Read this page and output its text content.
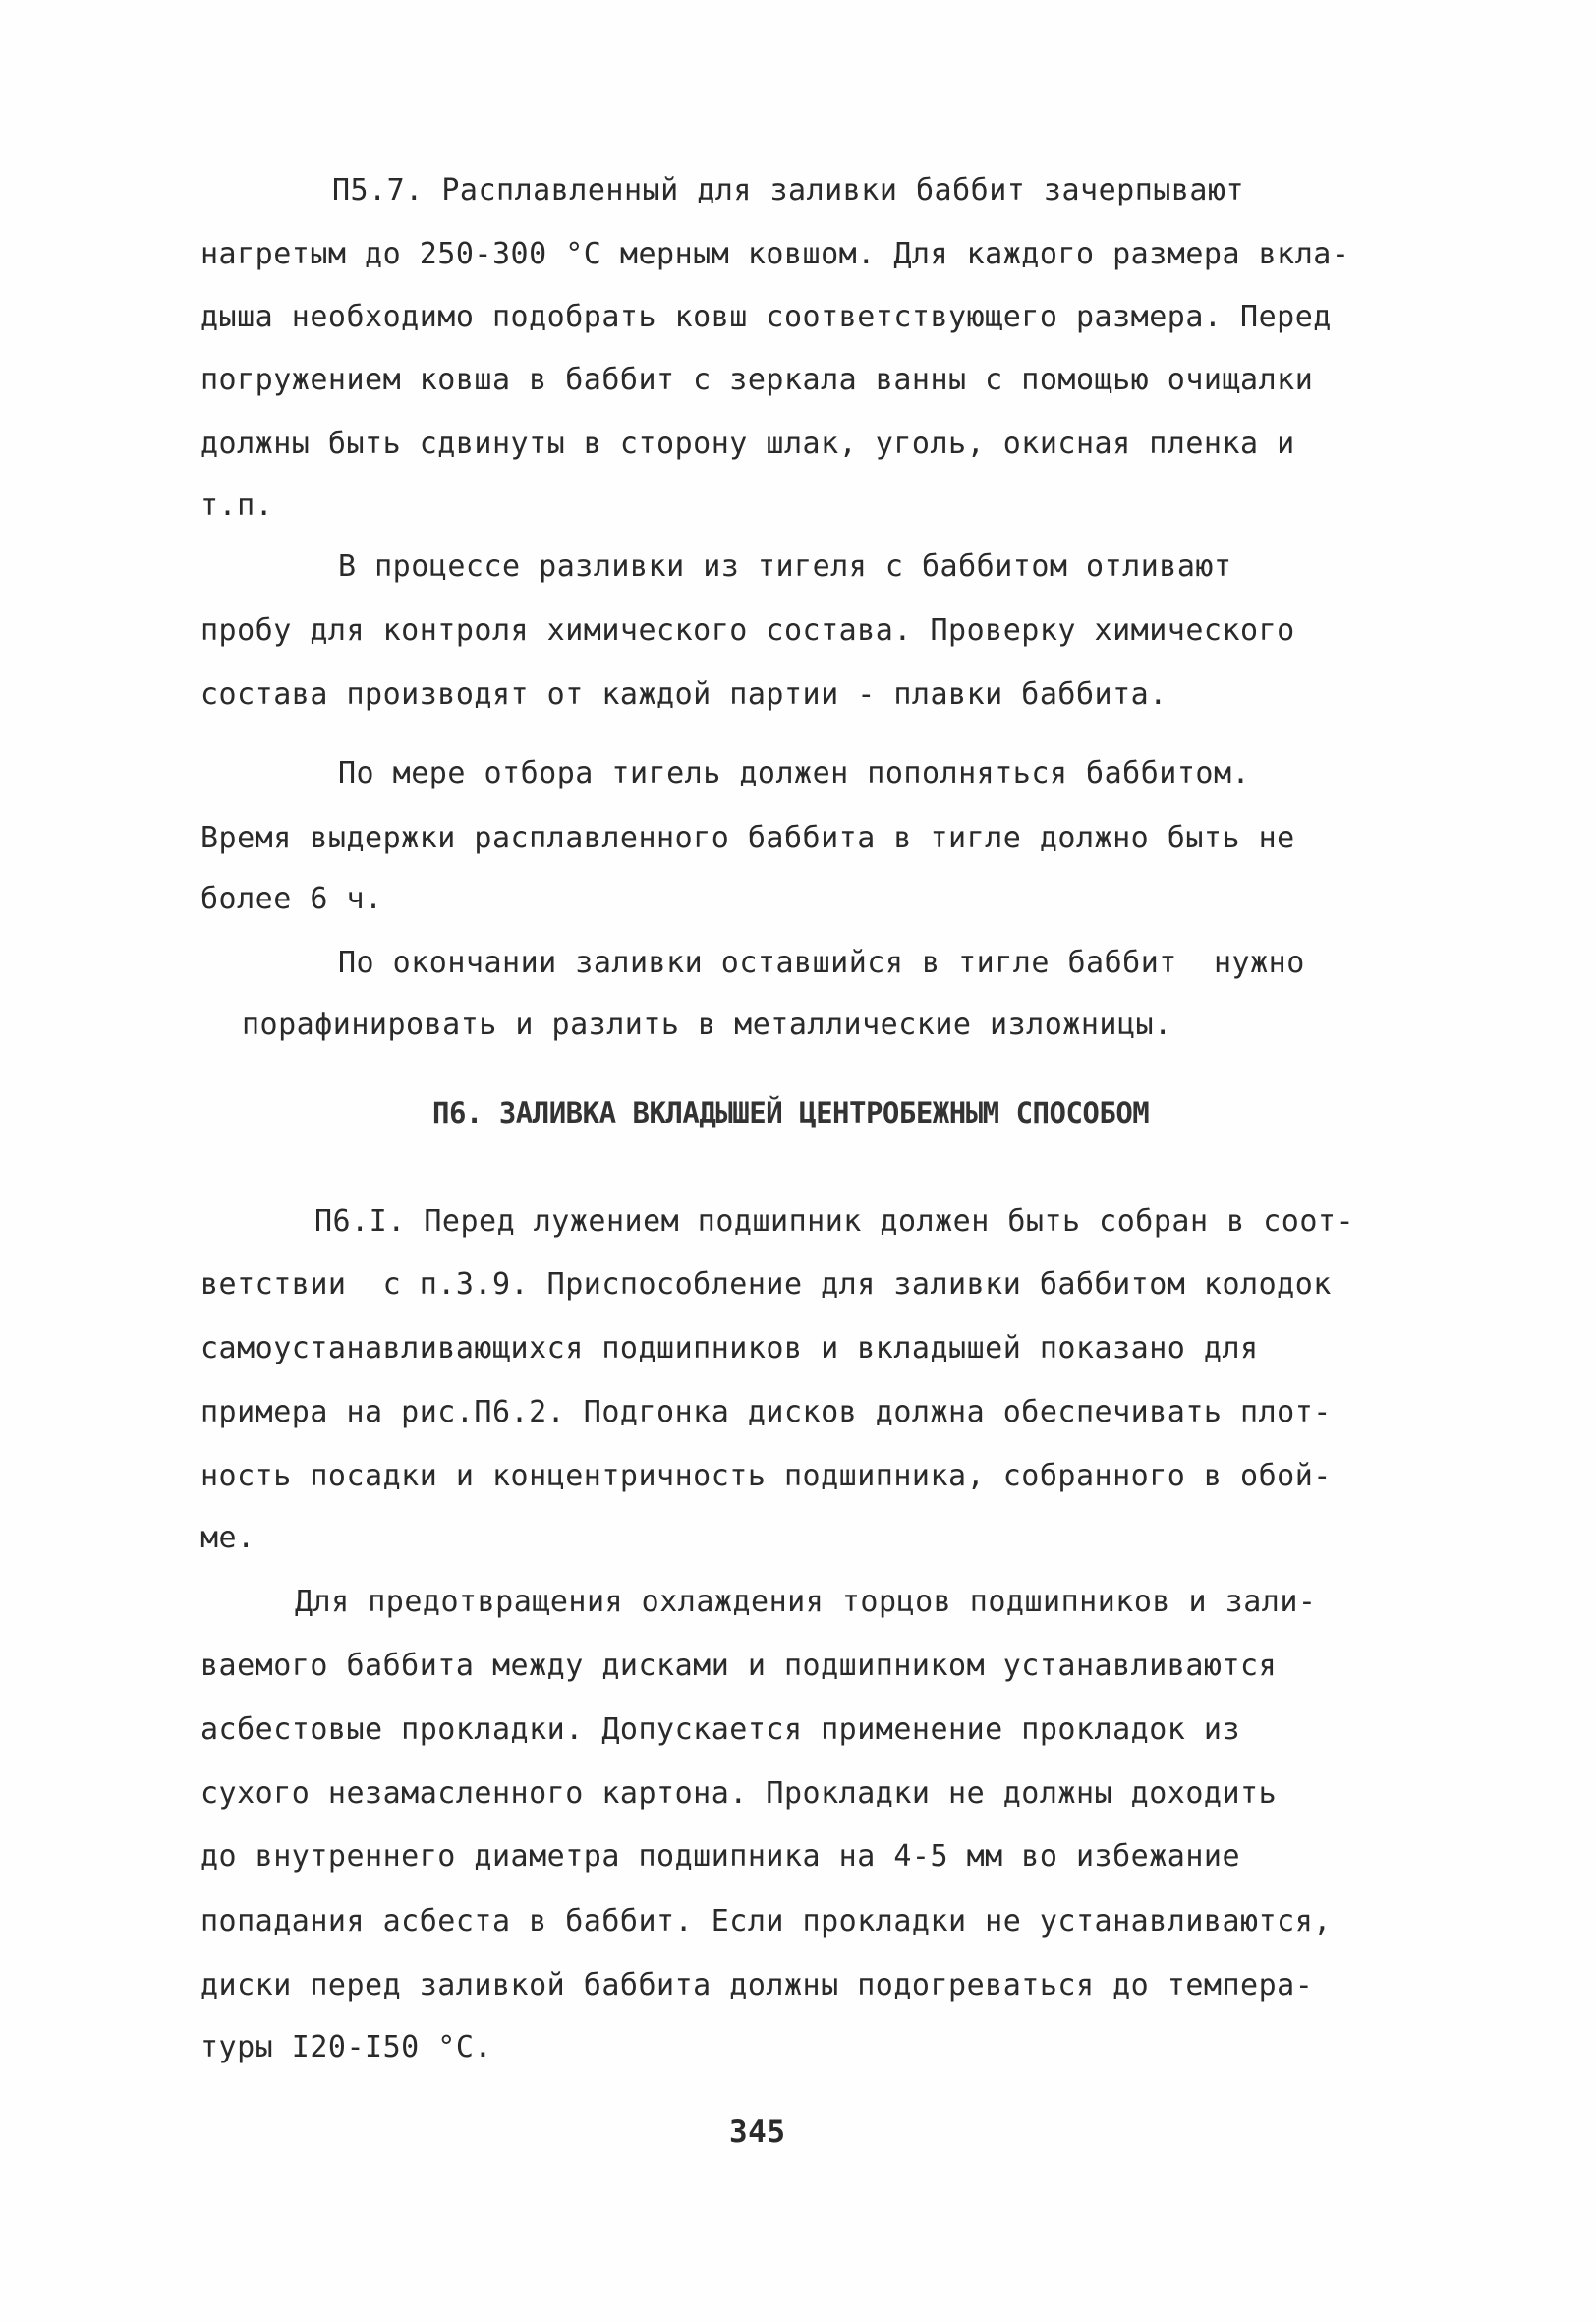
П5.7. Расплавленный для заливки баббит зачерпывают
нагретым до 250-300 °С мерным ковшом. Для каждого размера вкла-
дыша необходимо подобрать ковш соответствующего размера. Перед
погружением ковша в баббит с зеркала ванны с помощью очищалки
должны быть сдвинуты в сторону шлак, уголь, окисная пленка и
т.п.
В процессе разливки из тигеля с баббитом отливают
пробу для контроля химического состава. Проверку химического
состава производят от каждой партии - плавки баббита.
По мере отбора тигель должен пополняться баббитом.
Время выдержки расплавленного баббита в тигле должно быть не
более 6 ч.
По окончании заливки оставшийся в тигле баббит  нужно
порафинировать и разлить в металлические изложницы.
П6. ЗАЛИВКА ВКЛАДЫШЕЙ ЦЕНТРОБЕЖНЫМ СПОСОБОМ
П6.I. Перед лужением подшипник должен быть собран в соот-
ветствии  с п.3.9. Приспособление для заливки баббитом колодок
самоустанавливающихся подшипников и вкладышей показано для
примера на рис.П6.2. Подгонка дисков должна обеспечивать плот-
ность посадки и концентричность подшипника, собранного в обой-
ме.
Для предотвращения охлаждения торцов подшипников и зали-
ваемого баббита между дисками и подшипником устанавливаются
асбестовые прокладки. Допускается применение прокладок из
сухого незамасленного картона. Прокладки не должны доходить
до внутреннего диаметра подшипника на 4-5 мм во избежание
попадания асбеста в баббит. Если прокладки не устанавливаются,
диски перед заливкой баббита должны подогреваться до темпера-
туры I20-I50 °С.
345
